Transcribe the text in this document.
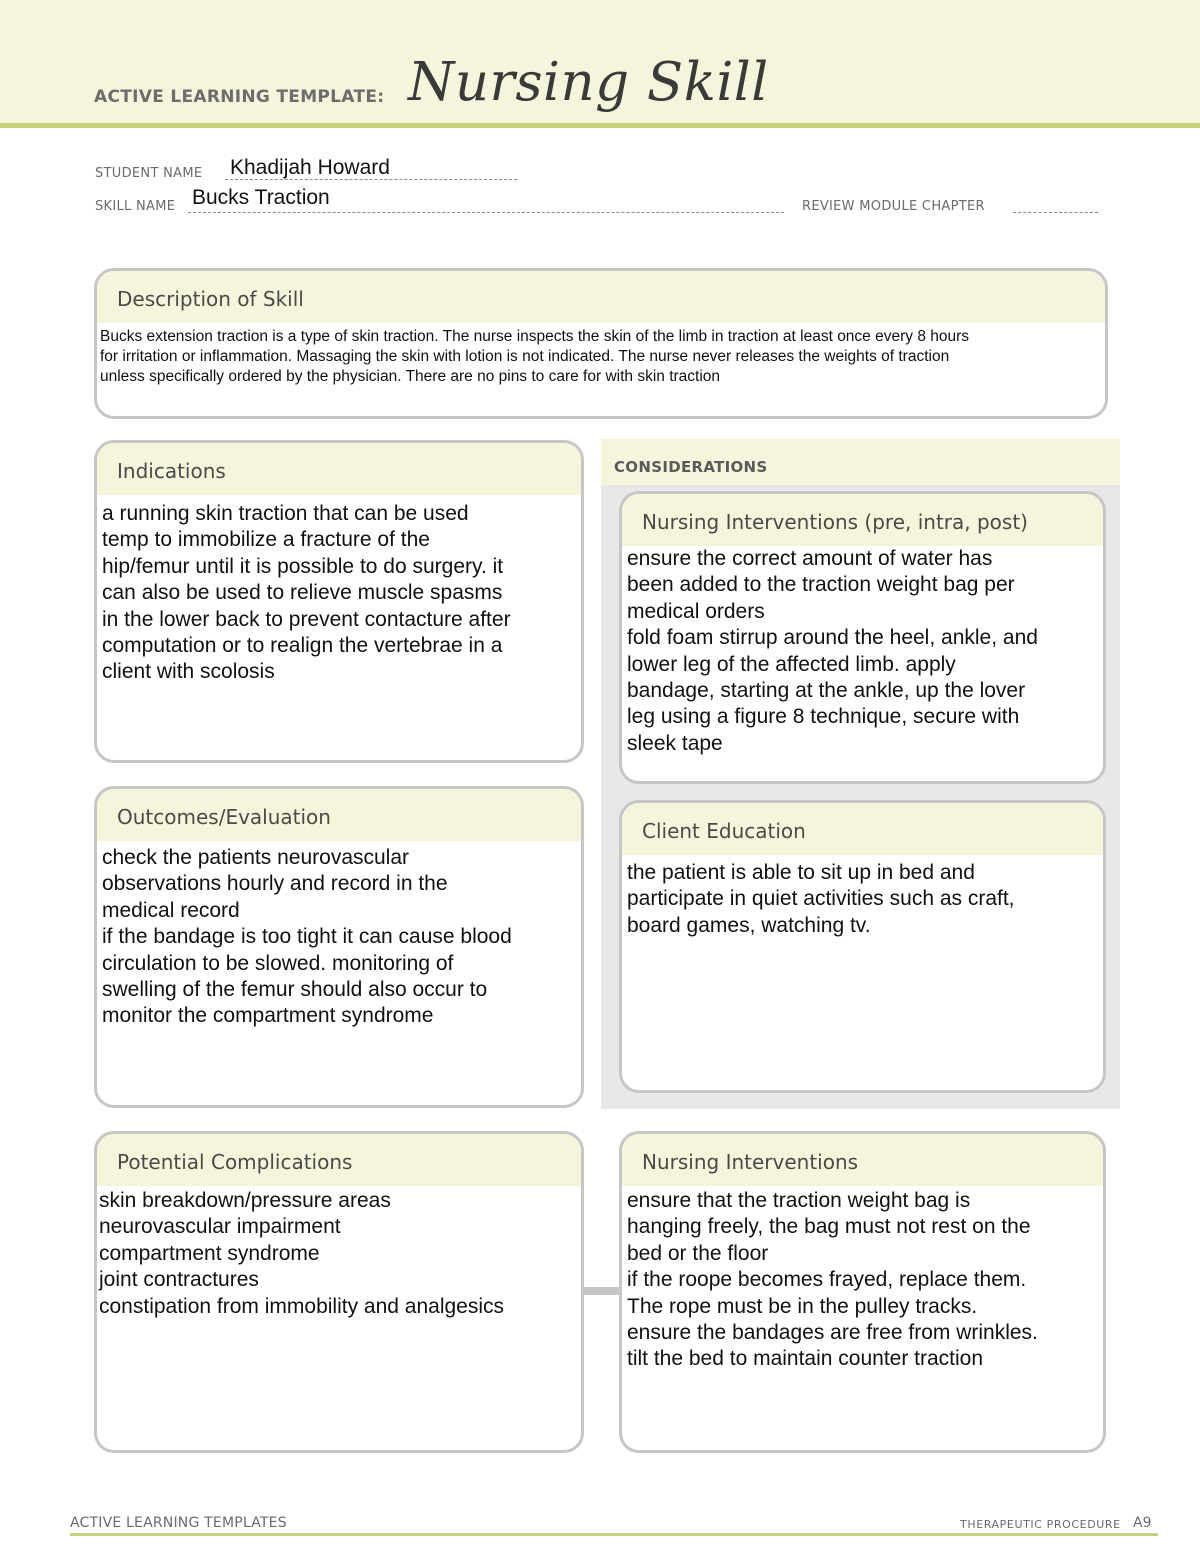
ACTIVE LEARNING TEMPLATE: Nursing Skill
STUDENT NAME Khadijah Howard
SKILL NAME Bucks Traction	REVIEW MODULE CHAPTER
Description of Skill
Bucks extension traction is a type of skin traction. The nurse inspects the skin of the limb in traction at least once every 8 hours
for irritation or inflammation. Massaging the skin with lotion is not indicated. The nurse never releases the weights of traction
unless specifically ordered by the physician. There are no pins to care for with skin traction
CONSIDERATIONS
Indications
a running skin traction that can be used
temp to immobilize a fracture of the
hip/femur until it is possible to do surgery. it
can also be used to relieve muscle spasms
in the lower back to prevent contacture after
computation or to realign the vertebrae in a
client with scolosis
Nursing Interventions (pre, intra, post)
ensure the correct amount of water has
been added to the traction weight bag per
medical orders
fold foam stirrup around the heel, ankle, and
lower leg of the affected limb. apply
bandage, starting at the ankle, up the lover
leg using a figure 8 technique, secure with
sleek tape
Outcomes/Evaluation
check the patients neurovascular
observations hourly and record in the
medical record
if the bandage is too tight it can cause blood
circulation to be slowed. monitoring of
swelling of the femur should also occur to
monitor the compartment syndrome
Client Education
the patient is able to sit up in bed and
participate in quiet activities such as craft,
board games, watching tv.
Potential Complications
skin breakdown/pressure areas
neurovascular impairment
compartment syndrome
joint contractures
constipation from immobility and analgesics
Nursing Interventions
ensure that the traction weight bag is
hanging freely, the bag must not rest on the
bed or the floor
if the roope becomes frayed, replace them.
The rope must be in the pulley tracks.
ensure the bandages are free from wrinkles.
tilt the bed to maintain counter traction
ACTIVE LEARNING TEMPLATES	THERAPEUTIC PROCEDURE A9
